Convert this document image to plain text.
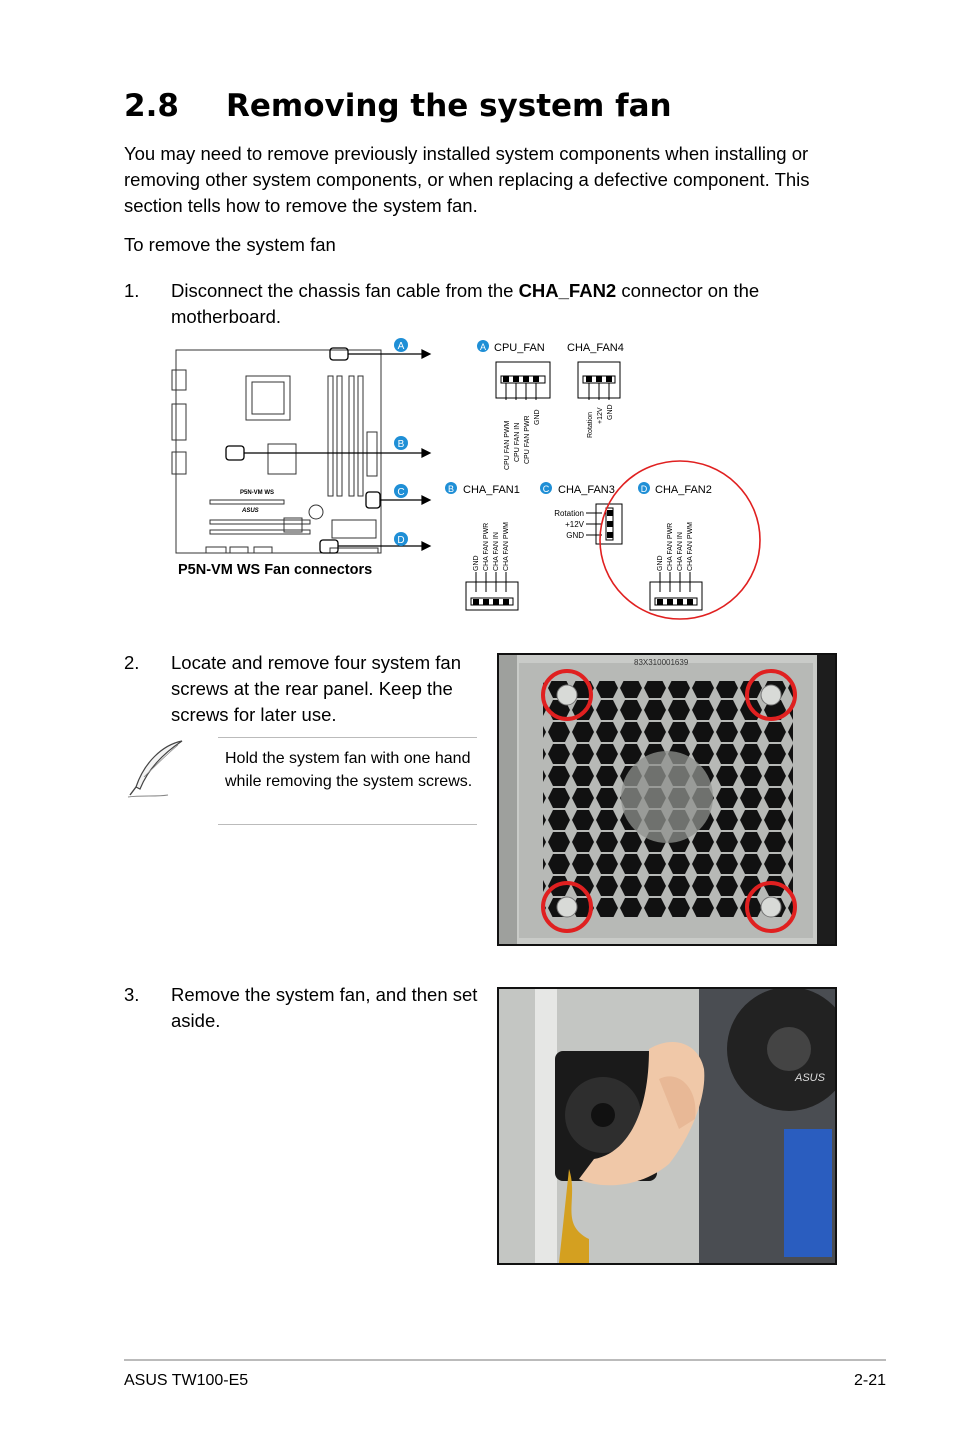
2.8 Removing the system fan
You may need to remove previously installed system components when installing or removing other system components, or when replacing a defective component. This section tells how to remove the system fan.
To remove the system fan
1. Disconnect the chassis fan cable from the CHA_FAN2 connector on the motherboard.
P5N-VM WS
ASUS
A
B
C
D
P5N-VM WS Fan connectors
A CPU_FAN
CPU FAN PWM CPU FAN IN CPU FAN PWR GND
CHA_FAN4
Rotation +12V GND
B CHA_FAN1
GND CHA FAN PWR CHA FAN IN CHA FAN PWM
C CHA_FAN3
Rotation
+12V
GND
D CHA_FAN2
GND CHA FAN PWR CHA FAN IN CHA FAN PWM
2. Locate and remove four system fan screws at the rear panel. Keep the screws for later use.
Hold the system fan with one hand while removing the system screws.
83X310001639
3. Remove the system fan, and then set aside.
ASUS
ASUS TW100-E5	2-21
